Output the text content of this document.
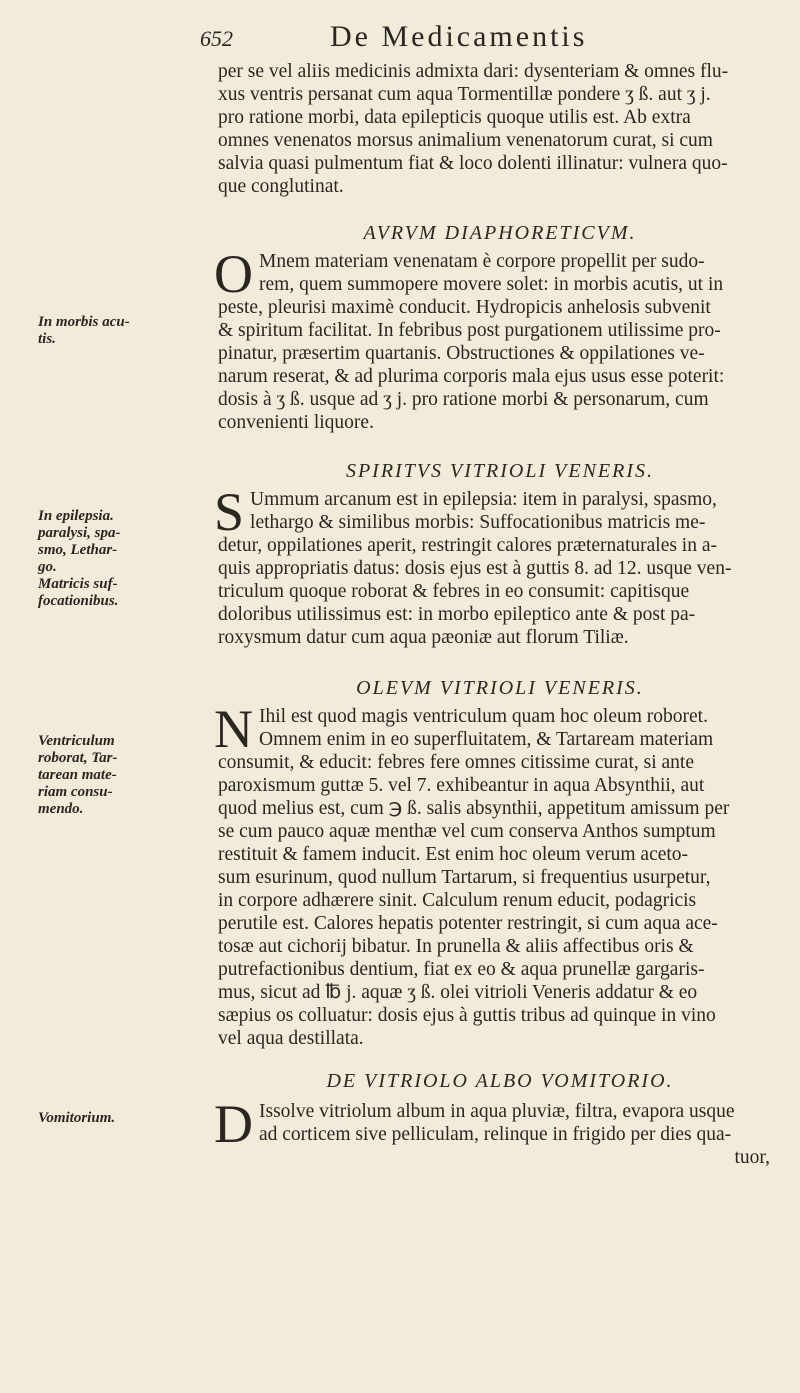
652	De Medicamentis
per se vel aliis medicinis admixta dari: dysenteriam & omnes flu-
xus ventris persanat cum aqua Tormentillæ pondere ʒ ß. aut ʒ j.
pro ratione morbi, data epilepticis quoque utilis est. Ab extra
omnes venenatos morsus animalium venenatorum curat, si cum
salvia quasi pulmentum fiat & loco dolenti illinatur: vulnera quo-
que conglutinat.
AVRVM DIAPHORETICVM.
O Mnem materiam venenatam è corpore propellit per sudo-
rem, quem summopere movere solet: in morbis acutis, ut in
peste, pleurisi maximè conducit. Hydropicis anhelosis subvenit
& spiritum facilitat. In febribus post purgationem utilissime pro-
pinatur, præsertim quartanis. Obstructiones & oppilationes ve-
narum reserat, & ad plurima corporis mala ejus usus esse poterit:
dosis à ʒ ß. usque ad ʒ j. pro ratione morbi & personarum, cum
convenienti liquore.
SPIRITVS VITRIOLI VENERIS.
S Ummum arcanum est in epilepsia: item in paralysi, spasmo,
lethargo & similibus morbis: Suffocationibus matricis me-
detur, oppilationes aperit, restringit calores præternaturales in a-
quis appropriatis datus: dosis ejus est à guttis 8. ad 12. usque ven-
triculum quoque roborat & febres in eo consumit: capitisque
doloribus utilissimus est: in morbo epileptico ante & post pa-
roxysmum datur cum aqua pæoniæ aut florum Tiliæ.
OLEVM VITRIOLI VENERIS.
N Ihil est quod magis ventriculum quam hoc oleum roboret.
Omnem enim in eo superfluitatem, & Tartaream materiam
consumit, & educit: febres fere omnes citissime curat, si ante
paroxismum guttæ 5. vel 7. exhibeantur in aqua Absynthii, aut
quod melius est, cum ℈ ß. salis absynthii, appetitum amissum per
se cum pauco aquæ menthæ vel cum conserva Anthos sumptum
restituit & famem inducit. Est enim hoc oleum verum aceto-
sum esurinum, quod nullum Tartarum, si frequentius usurpetur,
in corpore adhærere sinit. Calculum renum educit, podagricis
perutile est. Calores hepatis potenter restringit, si cum aqua ace-
tosæ aut cichorij bibatur. In prunella & aliis affectibus oris &
putrefactionibus dentium, fiat ex eo & aqua prunellæ gargaris-
mus, sicut ad ℔ j. aquæ ʒ ß. olei vitrioli Veneris addatur & eo
sæpius os colluatur: dosis ejus à guttis tribus ad quinque in vino
vel aqua destillata.
DE VITRIOLO ALBO VOMITORIO.
D Issolve vitriolum album in aqua pluviæ, filtra, evapora usque
ad corticem sive pelliculam, relinque in frigido per dies qua-
tuor,
In morbis acu-
tis.
In epilepsia.
paralysi, spa-
smo, Lethar-
go.
Matricis suf-
focationibus.
Ventriculum
roborat, Tar-
tarean mate-
riam consu-
mendo.
Vomitorium.
